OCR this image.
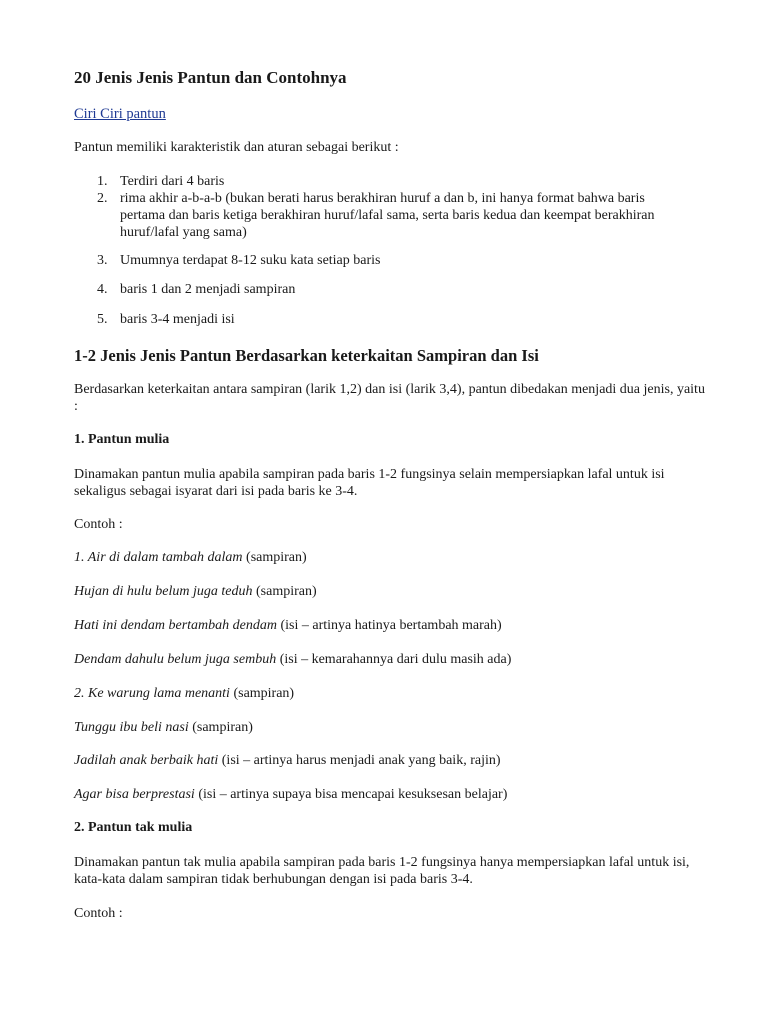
20 Jenis Jenis Pantun dan Contohnya
Ciri Ciri pantun
Pantun memiliki karakteristik dan aturan sebagai berikut :
1. Terdiri dari 4 baris
2. rima akhir a-b-a-b (bukan berati harus berakhiran huruf a dan b, ini hanya format bahwa baris pertama dan baris ketiga berakhiran huruf/lafal sama, serta baris kedua dan keempat berakhiran huruf/lafal yang sama)
3. Umumnya terdapat 8-12 suku kata setiap baris
4. baris 1 dan 2 menjadi sampiran
5. baris 3-4 menjadi isi
1-2 Jenis Jenis Pantun Berdasarkan keterkaitan Sampiran dan Isi
Berdasarkan keterkaitan antara sampiran (larik 1,2) dan isi (larik 3,4), pantun dibedakan menjadi dua jenis, yaitu :
1. Pantun mulia
Dinamakan pantun mulia apabila sampiran pada baris 1-2 fungsinya selain mempersiapkan lafal untuk isi sekaligus sebagai isyarat dari isi pada baris ke 3-4.
Contoh :
1. Air di dalam tambah dalam (sampiran)
Hujan di hulu belum juga teduh (sampiran)
Hati ini dendam bertambah dendam (isi – artinya hatinya bertambah marah)
Dendam dahulu belum juga sembuh (isi – kemarahannya dari dulu masih ada)
2. Ke warung lama menanti (sampiran)
Tunggu ibu beli nasi (sampiran)
Jadilah anak berbaik hati (isi – artinya harus menjadi anak yang baik, rajin)
Agar bisa berprestasi (isi – artinya supaya bisa mencapai kesuksesan belajar)
2. Pantun tak mulia
Dinamakan pantun tak mulia apabila sampiran pada baris 1-2 fungsinya hanya mempersiapkan lafal untuk isi, kata-kata dalam sampiran tidak berhubungan dengan isi pada baris 3-4.
Contoh :
